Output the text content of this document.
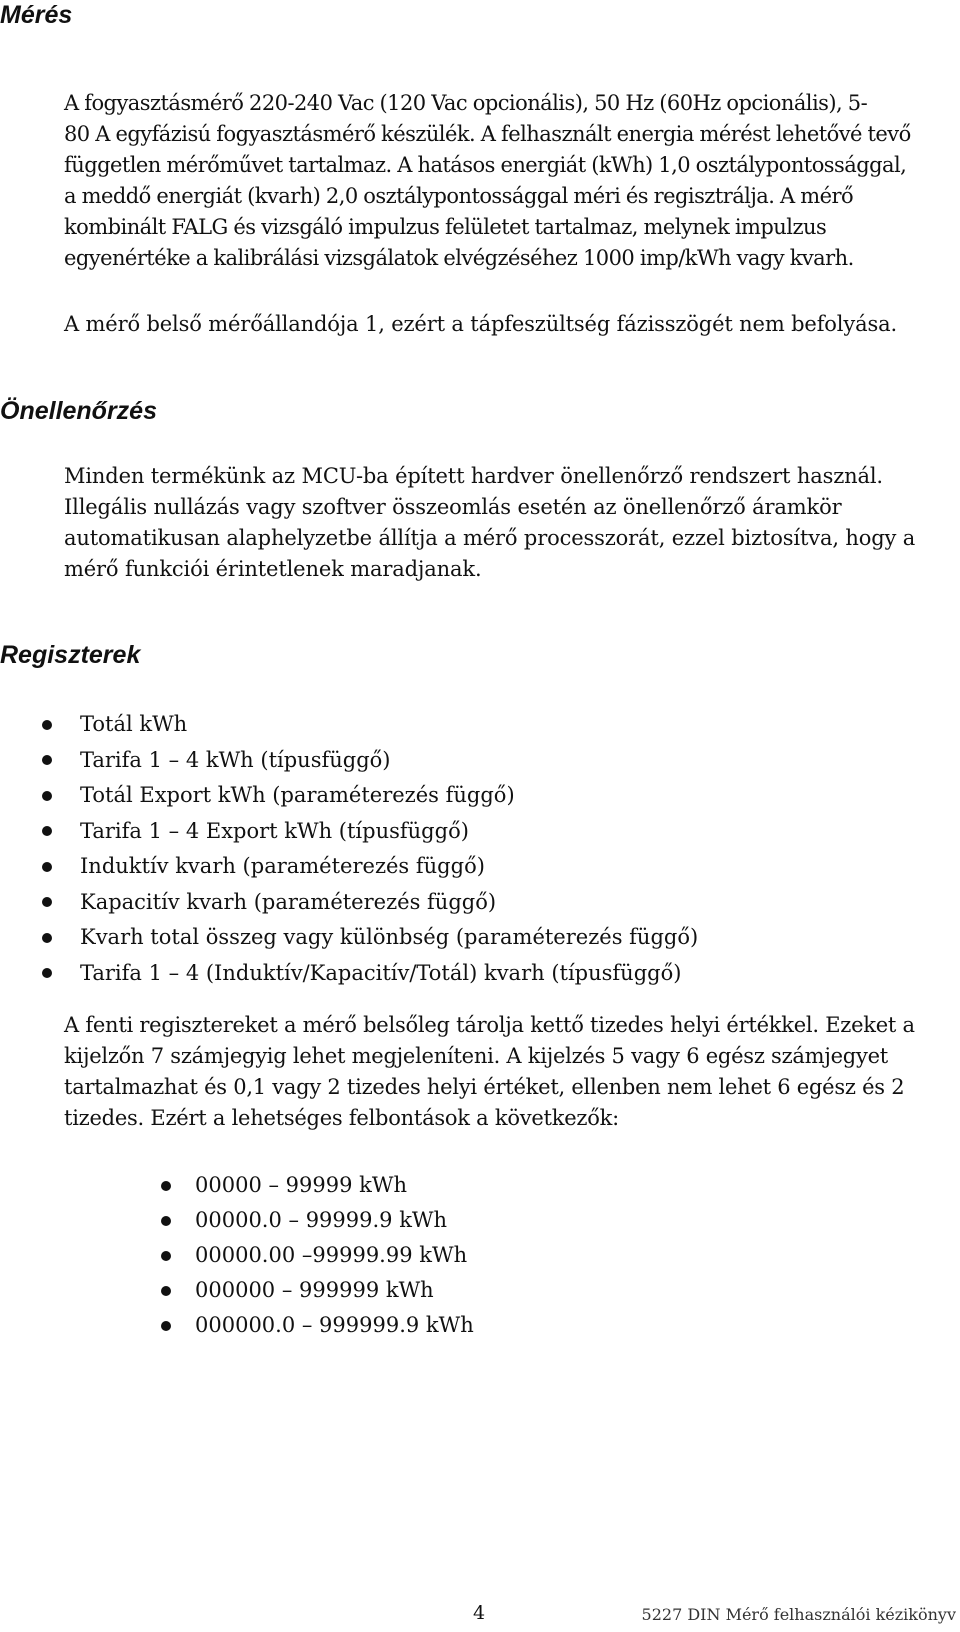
Mérés

A fogyasztásmérő 220-240 Vac (120 Vac opcionális), 50 Hz (60Hz opcionális), 5-
80 A egyfázisú fogyasztásmérő készülék. A felhasznált energia mérést lehetővé tevő
független mérőművet tartalmaz. A hatásos energiát (kWh) 1,0 osztálypontossággal,
a meddő energiát (kvarh) 2,0 osztálypontossággal méri és regisztrálja. A mérő
kombinált FALG és vizsgáló impulzus felületet tartalmaz, melynek impulzus
egyenértéke a kalibrálási vizsgálatok elvégzéséhez 1000 imp/kWh vagy kvarh.

A mérő belső mérőállandója 1, ezért a tápfeszültség fázisszögét nem befolyása.

Önellenőrzés

Minden termékünk az MCU-ba épített hardver önellenőrző rendszert használ.
Illegális nullázás vagy szoftver összeomlás esetén az önellenőrző áramkör
automatikusan alaphelyzetbe állítja a mérő processzorát, ezzel biztosítva, hogy a
mérő funkciói érintetlenek maradjanak.

Regiszterek
Totál kWh
Tarifa 1 – 4 kWh (típusfüggő)
Totál Export kWh (paraméterezés függő)
Tarifa 1 – 4 Export kWh (típusfüggő)
Induktív kvarh (paraméterezés függő)
Kapacitív kvarh (paraméterezés függő)
Kvarh total összeg vagy különbség (paraméterezés függő)
Tarifa 1 – 4 (Induktív/Kapacitív/Totál) kvarh (típusfüggő)

A fenti regisztereket a mérő belsőleg tárolja kettő tizedes helyi értékkel. Ezeket a
kijelzőn 7 számjegyig lehet megjeleníteni. A kijelzés 5 vagy 6 egész számjegyet
tartalmazhat és 0,1 vagy 2 tizedes helyi értéket, ellenben nem lehet 6 egész és 2
tizedes. Ezért a lehetséges felbontások a következők:

00000 – 99999 kWh
00000.0 – 99999.9 kWh
00000.00 –99999.99 kWh
000000 – 999999 kWh
000000.0 – 999999.9 kWh

4	5227 DIN Mérő felhasználói kézikönyv
